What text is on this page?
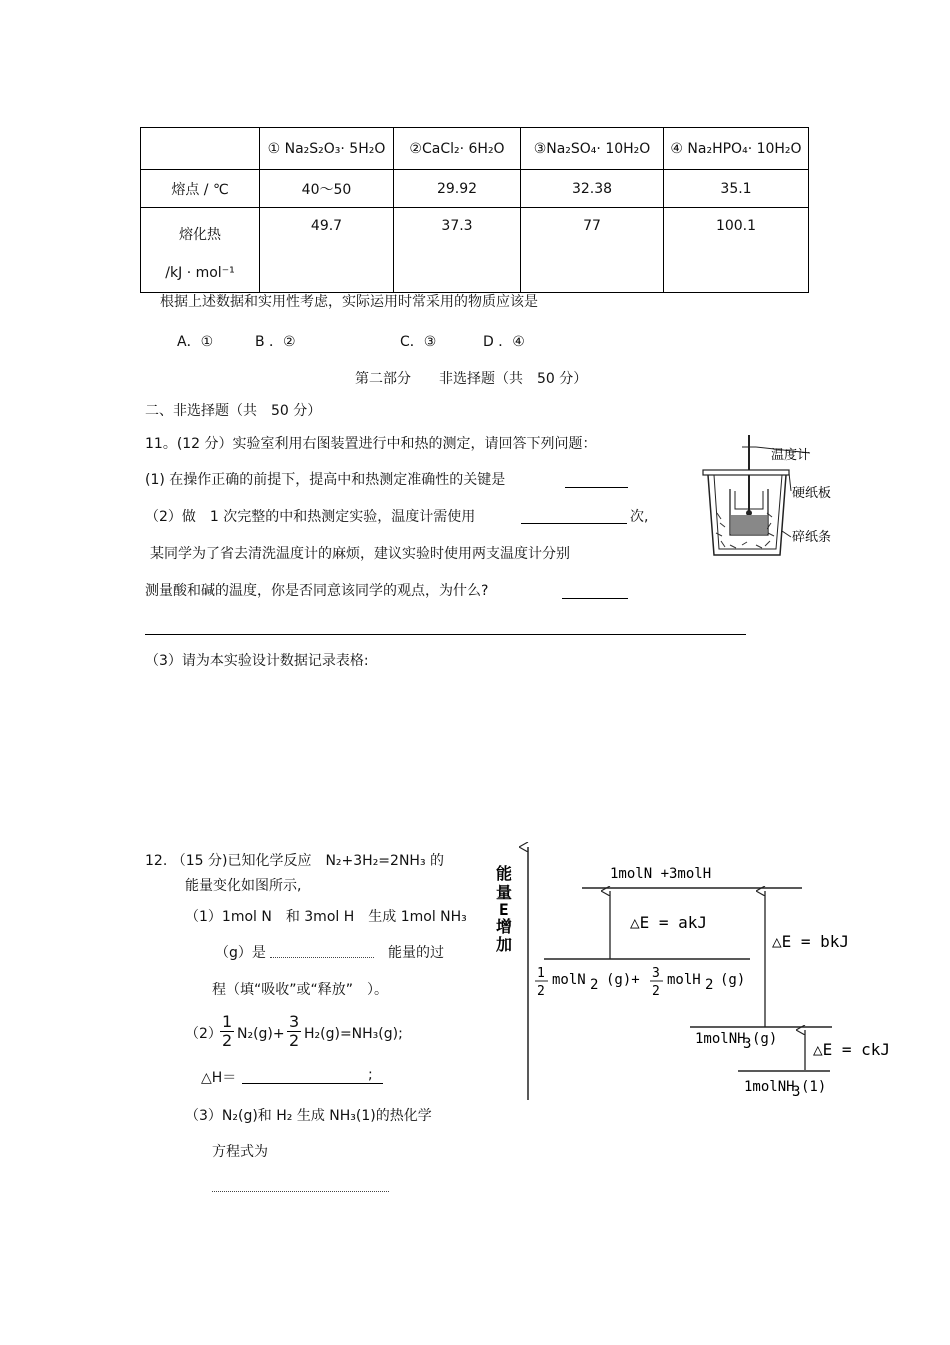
	① Na₂S₂O₃· 5H₂O	②CaCl₂· 6H₂O	③Na₂SO₄· 10H₂O	④ Na₂HPO₄· 10H₂O
熔点 / ℃	40～50	29.92	32.38	35.1

熔化热
/kJ · mol⁻¹	49.7	37.3	77	100.1
根据上述数据和实用性考虑，实际运用时常采用的物质应该是
A．①	B ．②	C．③	D ．④
第二部分　　非选择题（共　50 分）
二、非选择题（共　50 分）
11。(12 分）实验室利用右图装置进行中和热的测定，请回答下列问题：
(1) 在操作正确的前提下，提高中和热测定准确性的关键是
（2）做　1 次完整的中和热测定实验，温度计需使用	次,
某同学为了省去清洗温度计的麻烦，建议实验时使用两支温度计分别
测量酸和碱的温度，你是否同意该同学的观点，为什么?
（3）请为本实验设计数据记录表格:
温度计
硬纸板
碎纸条
12. （15 分)已知化学反应　N₂+3H₂=2NH₃ 的
能量变化如图所示,
（1）1mol N　和 3mol H　生成 1mol NH₃
（g）是	能量的过
程（填“吸收”或“释放”　）。
（2）
$\frac{1}{2} N_2(g)+ \frac{3}{2} H_2(g)=NH_3(g)$;
△H＝	;
（3）N₂(g)和 H₂ 生成 NH₃(1)的热化学
方程式为
能
量
E
增
加
1molN +3molH
1
2
molN 2 (g)+ 3
2
molH 2 (g)
△E = akJ
△E = bkJ
1molNH
3 (g)
△E = ckJ
1molNH
3 (1)
